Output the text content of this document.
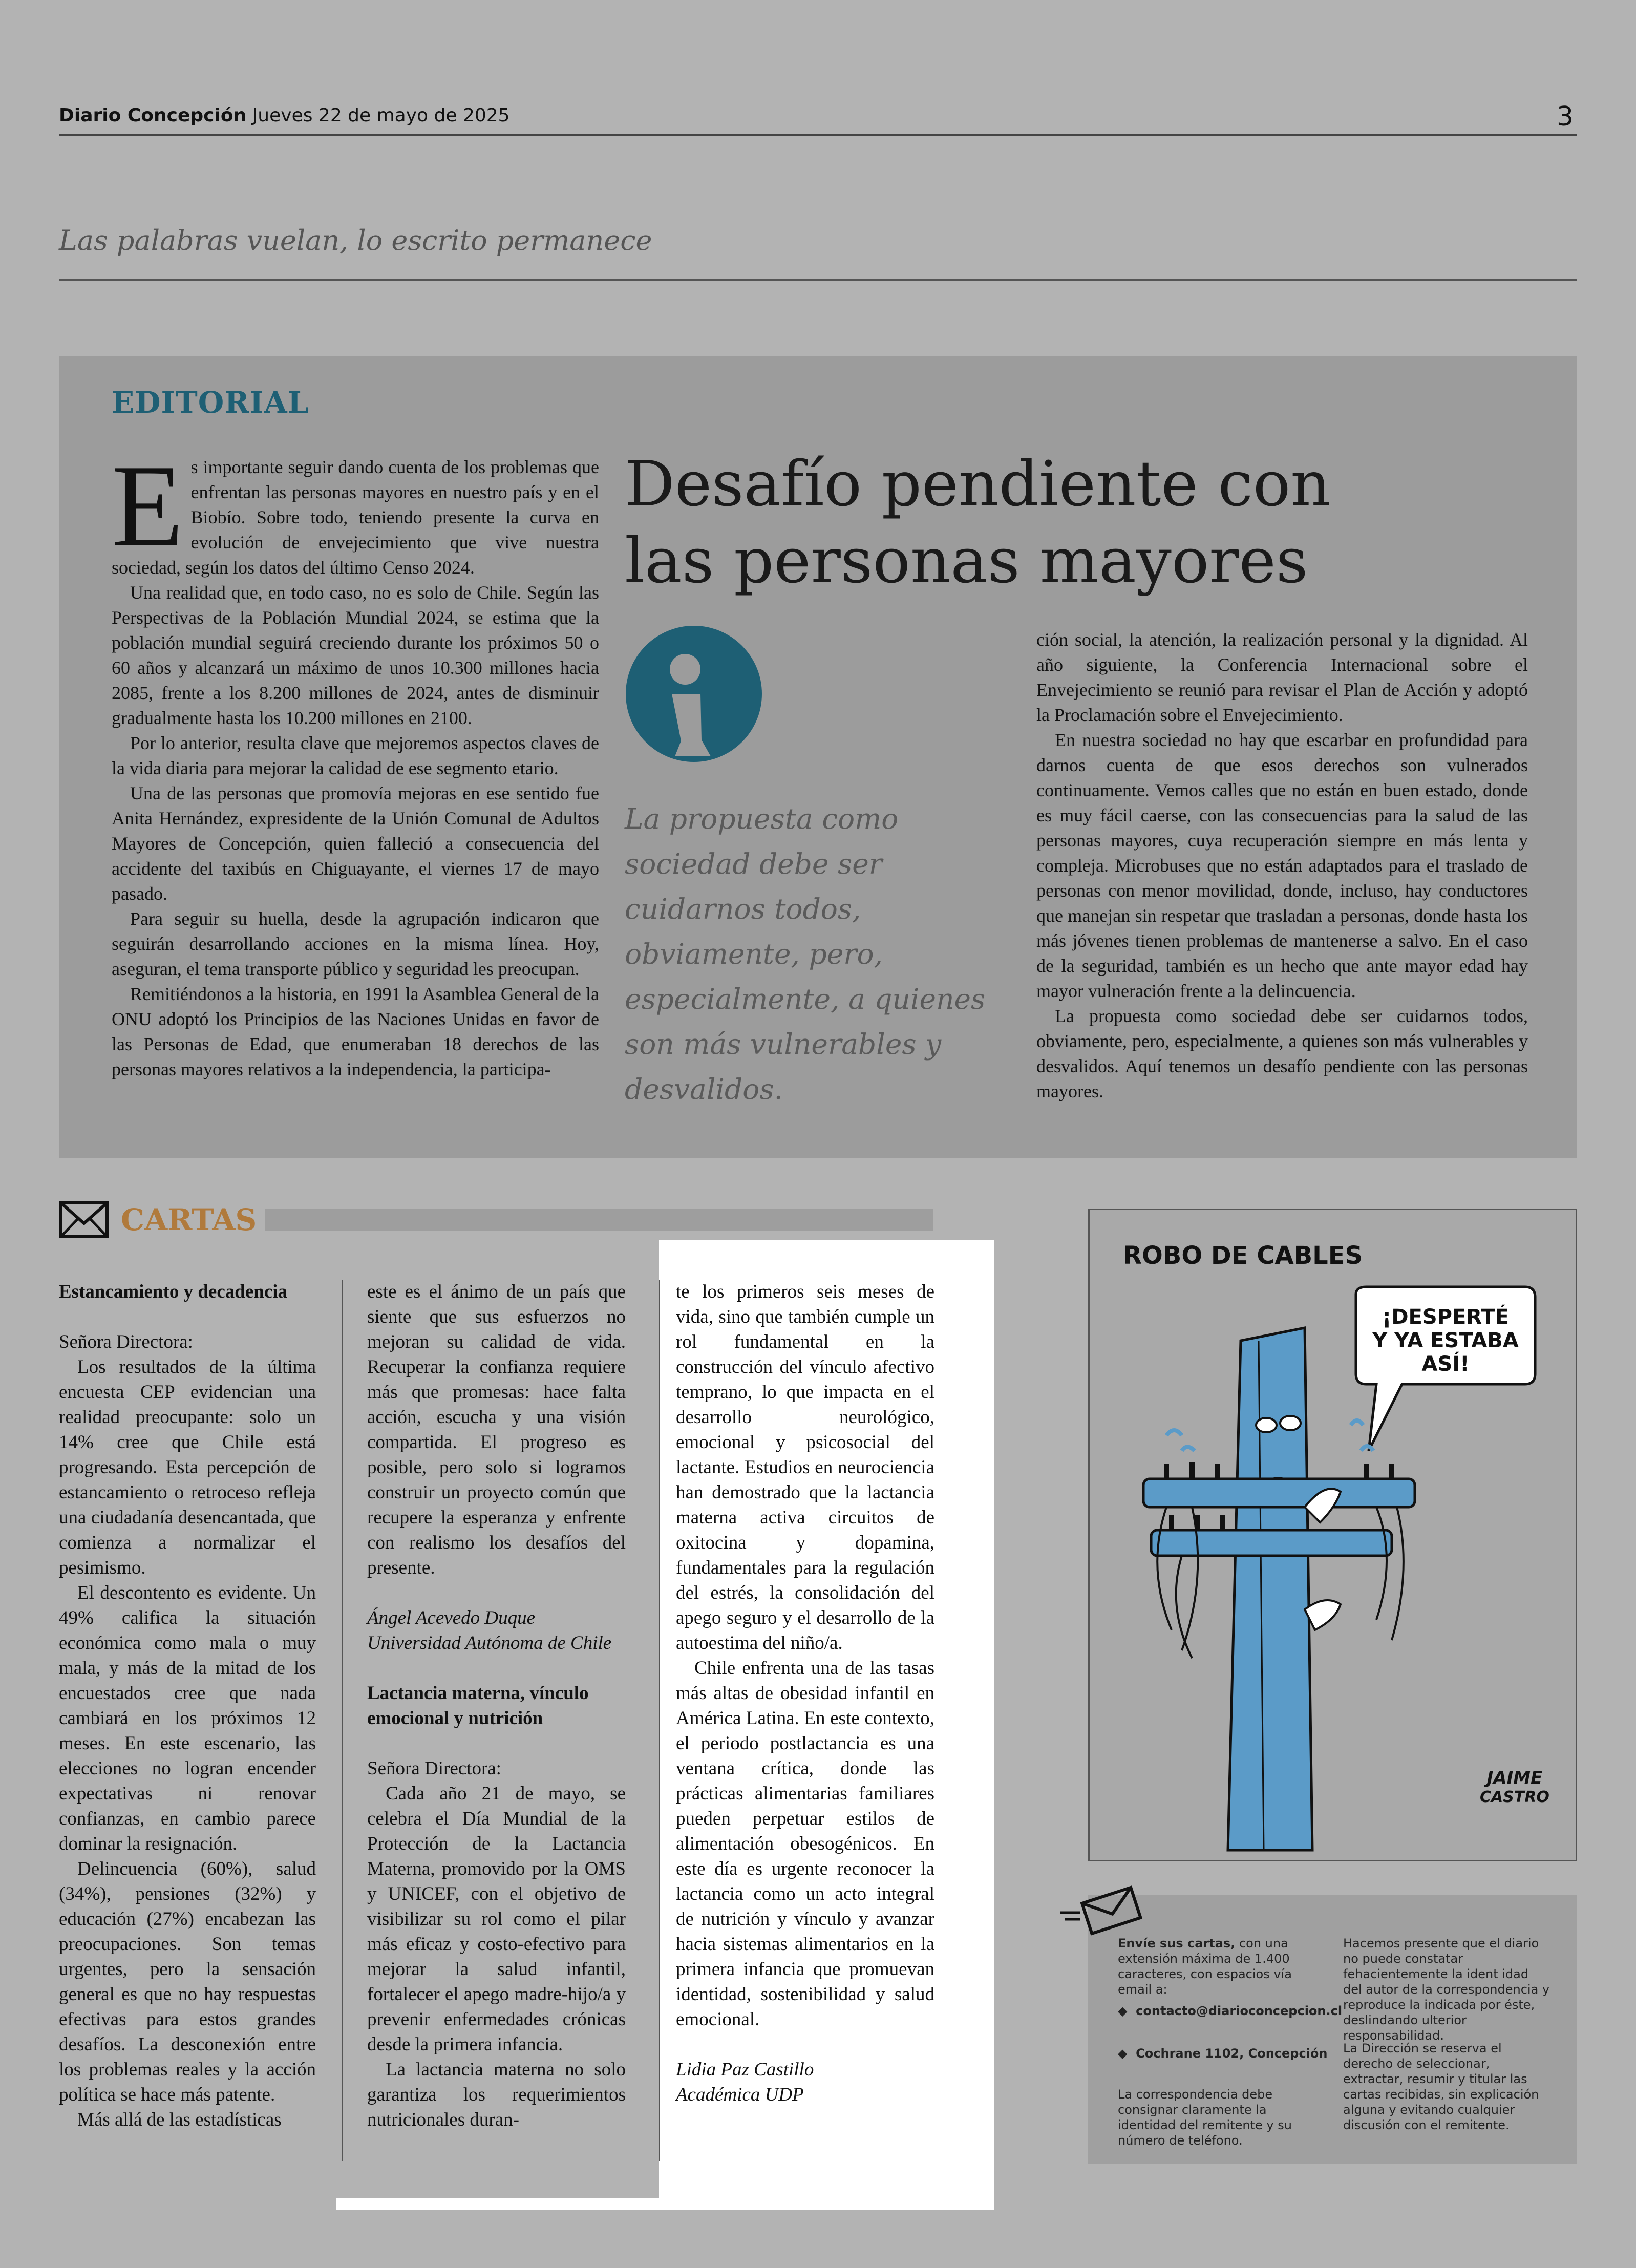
Diario Concepción Jueves 22 de mayo de 2025	3
Las palabras vuelan, lo escrito permanece
EDITORIAL

Es importante seguir dando cuenta de los problemas que enfrentan las personas mayores en nuestro país y en el Biobío. Sobre todo, teniendo presente la curva en evolución de envejecimiento que vive nuestra sociedad, según los datos del último Censo 2024.

Una realidad que, en todo caso, no es solo de Chile. Según las Perspectivas de la Población Mundial 2024, se estima que la población mundial seguirá creciendo durante los próximos 50 o 60 años y alcanzará un máximo de unos 10.300 millones hacia 2085, frente a los 8.200 millones de 2024, antes de disminuir gradualmente hasta los 10.200 millones en 2100.

Por lo anterior, resulta clave que mejoremos aspectos claves de la vida diaria para mejorar la calidad de ese segmento etario.

Una de las personas que promovía mejoras en ese sentido fue Anita Hernández, expresidente de la Unión Comunal de Adultos Mayores de Concepción, quien falleció a consecuencia del accidente del taxibús en Chiguayante, el viernes 17 de mayo pasado.

Para seguir su huella, desde la agrupación indicaron que seguirán desarrollando acciones en la misma línea. Hoy, aseguran, el tema transporte público y seguridad les preocupan.

Remitiéndonos a la historia, en 1991 la Asamblea General de la ONU adoptó los Principios de las Naciones Unidas en favor de las Personas de Edad, que enumeraban 18 derechos de las personas mayores relativos a la independencia, la participa-

Desafío pendiente con las personas mayores
La propuesta como sociedad debe ser cuidarnos todos, obviamente, pero, especialmente, a quienes son más vulnerables y desvalidos.

ción social, la atención, la realización personal y la dignidad. Al año siguiente, la Conferencia Internacional sobre el Envejecimiento se reunió para revisar el Plan de Acción y adoptó la Proclamación sobre el Envejecimiento.

En nuestra sociedad no hay que escarbar en profundidad para darnos cuenta de que esos derechos son vulnerados continuamente. Vemos calles que no están en buen estado, donde es muy fácil caerse, con las consecuencias para la salud de las personas mayores, cuya recuperación siempre en más lenta y compleja. Microbuses que no están adaptados para el traslado de personas con menor movilidad, donde, incluso, hay conductores que manejan sin respetar que trasladan a personas, donde hasta los más jóvenes tienen problemas de mantenerse a salvo. En el caso de la seguridad, también es un hecho que ante mayor edad hay mayor vulneración frente a la delincuencia.

La propuesta como sociedad debe ser cuidarnos todos, obviamente, pero, especialmente, a quienes son más vulnerables y desvalidos. Aquí tenemos un desafío pendiente con las personas mayores.

CARTAS
Estancamiento y decadencia

Señora Directora:

Los resultados de la última encuesta CEP evidencian una realidad preocupante: solo un 14% cree que Chile está progresando. Esta percepción de estancamiento o retroceso refleja una ciudadanía desencantada, que comienza a normalizar el pesimismo.

El descontento es evidente. Un 49% califica la situación económica como mala o muy mala, y más de la mitad de los encuestados cree que nada cambiará en los próximos 12 meses. En este escenario, las elecciones no logran encender expectativas ni renovar confianzas, en cambio parece dominar la resignación.

Delincuencia (60%), salud (34%), pensiones (32%) y educación (27%) encabezan las preocupaciones. Son temas urgentes, pero la sensación general es que no hay respuestas efectivas para estos grandes desafíos. La desconexión entre los problemas reales y la acción política se hace más patente.

Más allá de las estadísticas

este es el ánimo de un país que siente que sus esfuerzos no mejoran su calidad de vida. Recuperar la confianza requiere más que promesas: hace falta acción, escucha y una visión compartida. El progreso es posible, pero solo si logramos construir un proyecto común que recupere la esperanza y enfrente con realismo los desafíos del presente.

Ángel Acevedo Duque

Universidad Autónoma de Chile

Lactancia materna, vínculo emocional y nutrición

Señora Directora:

Cada año 21 de mayo, se celebra el Día Mundial de la Protección de la Lactancia Materna, promovido por la OMS y UNICEF, con el objetivo de visibilizar su rol como el pilar más eficaz y costo-efectivo para mejorar la salud infantil, fortalecer el apego madre-hijo/a y prevenir enfermedades crónicas desde la primera infancia.

La lactancia materna no solo garantiza los requerimientos nutricionales duran-

te los primeros seis meses de vida, sino que también cumple un rol fundamental en la construcción del vínculo afectivo temprano, lo que impacta en el desarrollo neurológico, emocional y psicosocial del lactante. Estudios en neurociencia han demostrado que la lactancia materna activa circuitos de oxitocina y dopamina, fundamentales para la regulación del estrés, la consolidación del apego seguro y el desarrollo de la autoestima del niño/a.

Chile enfrenta una de las tasas más altas de obesidad infantil en América Latina. En este contexto, el periodo postlactancia es una ventana crítica, donde las prácticas alimentarias familiares pueden perpetuar estilos de alimentación obesogénicos. En este día es urgente reconocer la lactancia como un acto integral de nutrición y vínculo y avanzar hacia sistemas alimentarios en la primera infancia que promuevan identidad, sostenibilidad y salud emocional.

Lidia Paz Castillo

Académica UDP

ROBO DE CABLES
¡DESPERTÉ
Y YA ESTABA
ASÍ!
JAIME
CASTRO
Envíe sus cartas, con una extensión máxima de 1.400 caracteres, con espacios vía email a:
◆  contacto@diarioconcepcion.cl
◆  Cochrane 1102, Concepción
La correspondencia debe consignar claramente la identidad del remitente y su número de teléfono.
Hacemos presente que el diario no puede constatar fehacientemente la ident idad del autor de la correspondencia y reproduce la indicada por éste, deslindando ulterior responsabilidad.
La Dirección se reserva el derecho de seleccionar, extractar, resumir y titular las cartas recibidas, sin explicación alguna y evitando cualquier discusión con el remitente.
